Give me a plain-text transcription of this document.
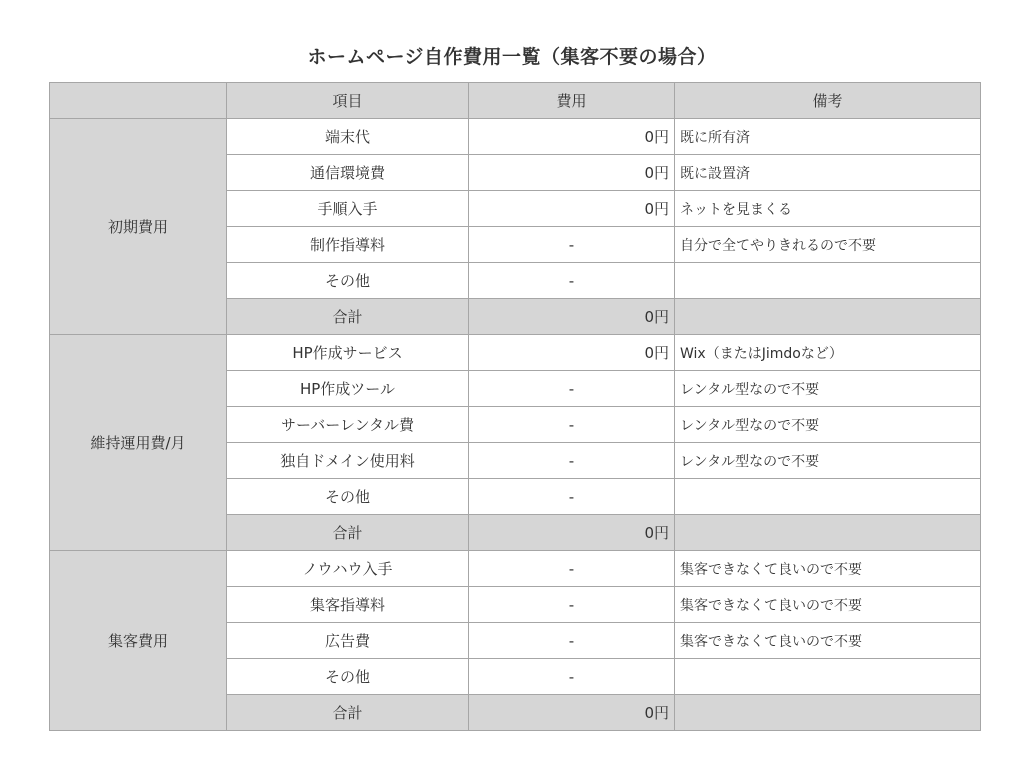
ホームページ自作費用一覧（集客不要の場合）
	項目	費用	備考
初期費用	端末代	0円	既に所有済
	通信環境費	0円	既に設置済
	手順入手	0円	ネットを見まくる
	制作指導料	-	自分で全てやりきれるので不要
	その他	-	
	合計	0円	
維持運用費/月	HP作成サービス	0円	Wix（またはJimdoなど）
	HP作成ツール	-	レンタル型なので不要
	サーバーレンタル費	-	レンタル型なので不要
	独自ドメイン使用料	-	レンタル型なので不要
	その他	-	
	合計	0円	
集客費用	ノウハウ入手	-	集客できなくて良いので不要
	集客指導料	-	集客できなくて良いので不要
	広告費	-	集客できなくて良いので不要
	その他	-	
	合計	0円	
